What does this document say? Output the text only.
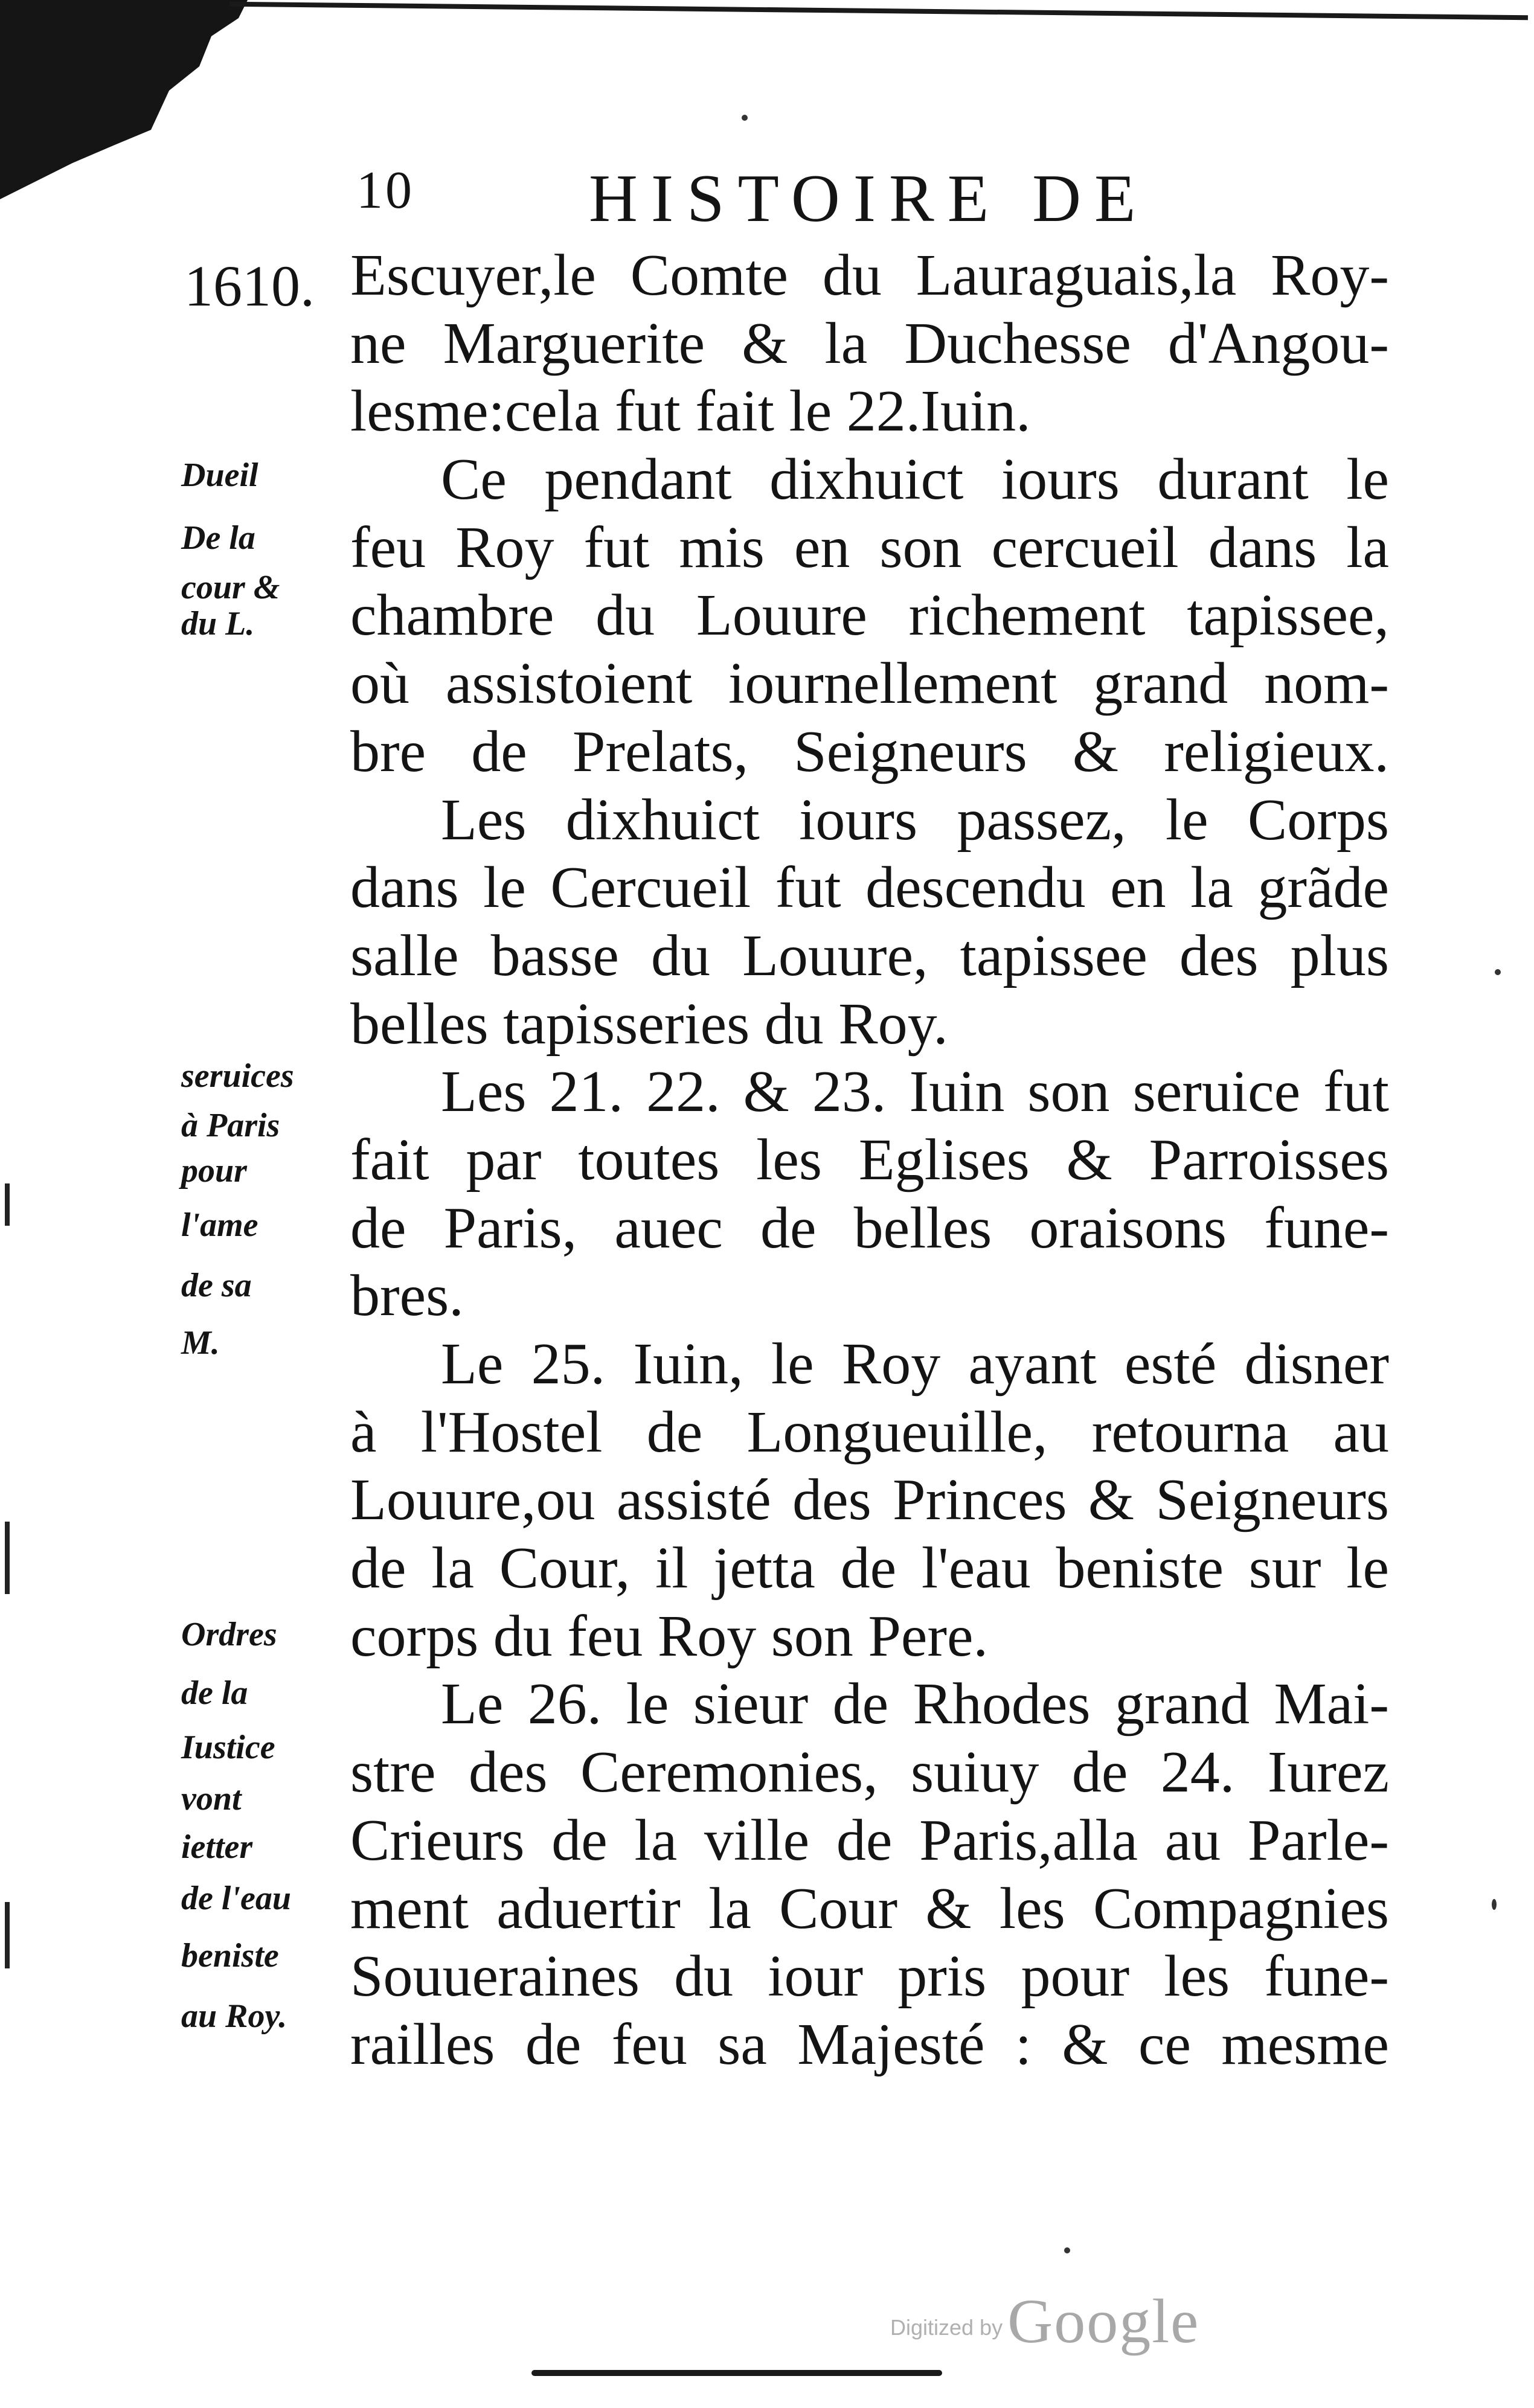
10	HISTOIRE DE
1610. Escuyer,le Comte du Lauraguais,la Roy-
ne Marguerite & la Duchesse d'Angou-
lesme:cela fut fait le 22.Iuin.
Ce pendant dixhuict iours durant le
feu Roy fut mis en son cercueil dans la
chambre du Louure richement tapissee,
où assistoient iournellement grand nom-
bre de Prelats, Seigneurs & religieux.
Les dixhuict iours passez, le Corps
dans le Cercueil fut descendu en la grãde
salle basse du Louure, tapissee des plus
belles tapisseries du Roy.
Les 21. 22. & 23. Iuin son seruice fut
fait par toutes les Eglises & Parroisses
de Paris, auec de belles oraisons fune-
bres.
Le 25. Iuin, le Roy ayant esté disner
à l'Hostel de Longueuille, retourna au
Louure,ou assisté des Princes & Seigneurs
de la Cour, il jetta de l'eau beniste sur le
corps du feu Roy son Pere.
Le 26. le sieur de Rhodes grand Mai-
stre des Ceremonies, suiuy de 24. Iurez
Crieurs de la ville de Paris,alla au Parle-
ment aduertir la Cour & les Compagnies
Souueraines du iour pris pour les fune-
railles de feu sa Majesté : & ce mesme
Dueil
De la
cour &
du L.
seruices
à Paris
pour
l'ame
de sa
M.
Ordres
de la
Iustice
vont
ietter
de l'eau
beniste
au Roy.
Digitized byGoogle
